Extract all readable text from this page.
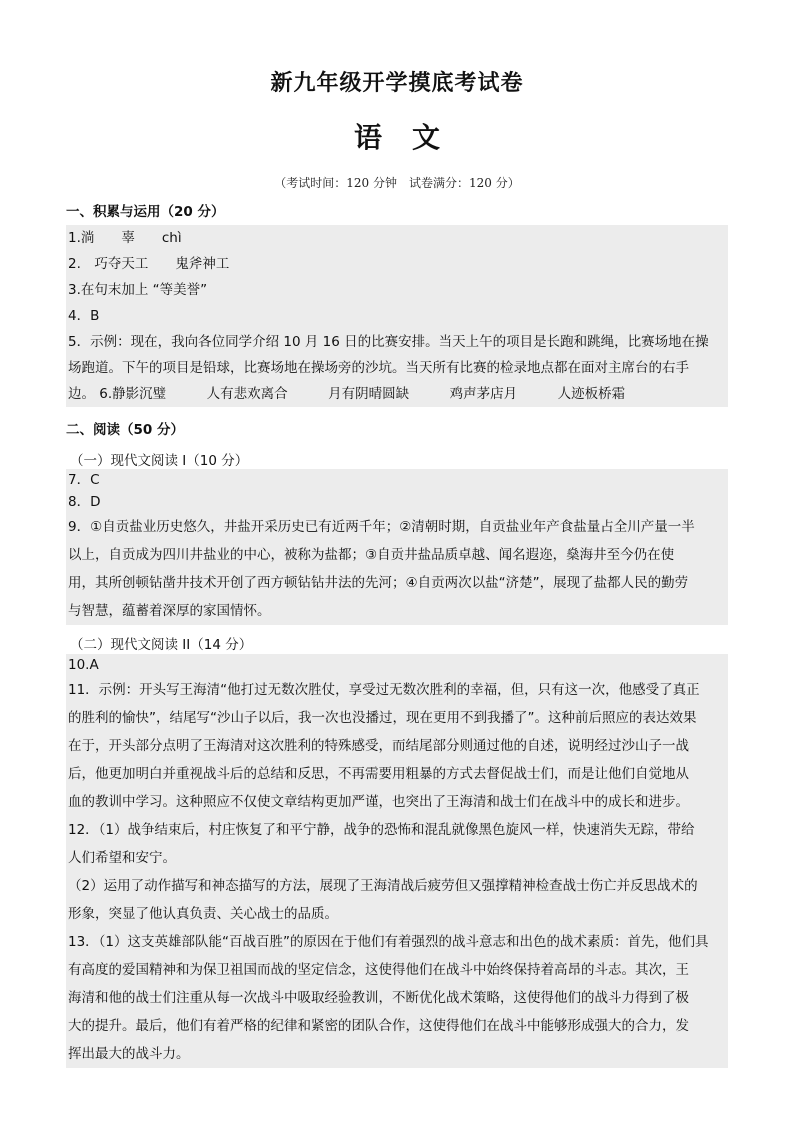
新九年级开学摸底考试卷
语文
（考试时间：120 分钟　试卷满分：120 分）
一、积累与运用（20 分）
1.淌　　辜　　chì
2.　巧夺天工　　鬼斧神工
3.在句末加上 “等美誉”
4．B
5．示例：现在，我向各位同学介绍 10 月 16 日的比赛安排。当天上午的项目是长跑和跳绳，比赛场地在操
场跑道。下午的项目是铅球，比赛场地在操场旁的沙坑。当天所有比赛的检录地点都在面对主席台的右手
边。 6.静影沉璧　　　人有悲欢离合　　　月有阴晴圆缺　　　鸡声茅店月　　　人迹板桥霜
二、阅读（50 分）
（一）现代文阅读 I（10 分）
7．C
8．D
9．①自贡盐业历史悠久，井盐开采历史已有近两千年；②清朝时期，自贡盐业年产食盐量占全川产量一半
以上，自贡成为四川井盐业的中心，被称为盐都；③自贡井盐品质卓越、闻名遐迩，燊海井至今仍在使
用，其所创顿钻凿井技术开创了西方顿钻钻井法的先河；④自贡两次以盐“济楚”，展现了盐都人民的勤劳
与智慧，蕴蓄着深厚的家国情怀。
（二）现代文阅读 II（14 分）
10.A
11．示例：开头写王海清“他打过无数次胜仗，享受过无数次胜利的幸福，但，只有这一次，他感受了真正
的胜利的愉快”，结尾写“沙山子以后，我一次也没播过，现在更用不到我播了”。这种前后照应的表达效果
在于，开头部分点明了王海清对这次胜利的特殊感受，而结尾部分则通过他的自述，说明经过沙山子一战
后，他更加明白并重视战斗后的总结和反思，不再需要用粗暴的方式去督促战士们，而是让他们自觉地从
血的教训中学习。这种照应不仅使文章结构更加严谨，也突出了王海清和战士们在战斗中的成长和进步。
12．（1）战争结束后，村庄恢复了和平宁静，战争的恐怖和混乱就像黑色旋风一样，快速消失无踪，带给
人们希望和安宁。
（2）运用了动作描写和神态描写的方法，展现了王海清战后疲劳但又强撑精神检查战士伤亡并反思战术的
形象，突显了他认真负责、关心战士的品质。
13．（1）这支英雄部队能“百战百胜”的原因在于他们有着强烈的战斗意志和出色的战术素质：首先，他们具
有高度的爱国精神和为保卫祖国而战的坚定信念，这使得他们在战斗中始终保持着高昂的斗志。其次，王
海清和他的战士们注重从每一次战斗中吸取经验教训，不断优化战术策略，这使得他们的战斗力得到了极
大的提升。最后，他们有着严格的纪律和紧密的团队合作，这使得他们在战斗中能够形成强大的合力，发
挥出最大的战斗力。
